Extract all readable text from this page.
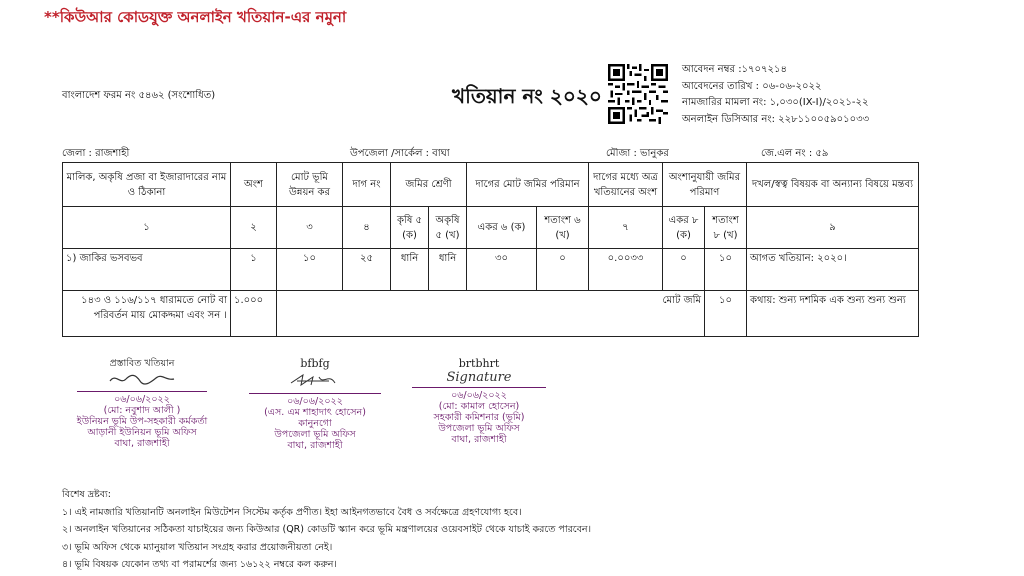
**কিউআর কোডযুক্ত অনলাইন খতিয়ান-এর নমুনা
বাংলাদেশ ফরম নং ৫৪৬২ (সংশোধিত)	খতিয়ান নং ২০২০
আবেদন নম্বর :১৭০৭২১৪
আবেদনের তারিখ : ০৬-০৬-২০২২
নামজারির মামলা নং: ১,০৩০(IX-I)/২০২১-২২
অনলাইন ডিসিআর নং: ২২৮১১০০৫৯০১০৩৩
জেলা : রাজশাহী	উপজেলা /সার্কেল : বাঘা	মৌজা : ভানুকর	জে.এল নং : ৫৯
মালিক, অকৃষি প্রজা বা ইজারাদারের নাম ও ঠিকানা	অংশ	মোট ভূমি উন্নয়ন কর	দাগ নং	জমির শ্রেণী		দাগের মোট জমির পরিমান		দাগের মধ্যে অত্র খতিয়ানের অংশ	অংশানুযায়ী জমির পরিমাণ		দখল/স্বত্ব বিষয়ক বা অন্যান্য বিষয়ে মন্তব্য
১	২	৩	৪	কৃষি ৫ (ক)	অকৃষি ৫ (খ)	একর ৬ (ক)	শতাংশ ৬ (খ)	৭	একর ৮ (ক)	শতাংশ ৮ (খ)	৯
১) জাকির ভসবভব	১	১০	২৫	ধানি	ধানি	৩০	০	০.০০৩৩	০	১০	আগত খতিয়ান: ২০২০।
১৪৩ ও ১১৬/১১৭ ধারামতে নোট বা পরিবর্তন মায় মোকদ্দমা এবং সন ।	১.০০০	মোট জমি								১০	কথায়: শুন্য দশমিক এক শুন্য শুন্য শুন্য
প্রস্তাবিত খতিয়ান
০৬/০৬/২০২২
(মো: নবুশাদ আলী )
ইউনিয়ন ভূমি উপ-সহকারী কর্মকর্তা
আড়ানী ইউনিয়ন ভূমি অফিস
বাঘা, রাজশাহী
bfbfg
০৬/০৬/২০২২
(এস. এম শাহাদাৎ হোসেন)
কানুনগো
উপজেলা ভূমি অফিস
বাঘা, রাজশাহী
brtbhrt
Signature
০৬/০৬/২০২২
(মো: কামাল হোসেন)
সহকারী কমিশনার (ভূমি)
উপজেলা ভূমি অফিস
বাঘা, রাজশাহী
বিশেষ দ্রষ্টব্য:
১। এই নামজারি খতিয়ানটি অনলাইন মিউটেশন সিস্টেম কর্তৃক প্রণীত। ইহা আইনগতভাবে বৈধ ও সর্বক্ষেত্রে গ্রহণযোগ্য হবে।
২। অনলাইন খতিয়ানের সঠিকতা যাচাইয়ের জন্য কিউআর (QR) কোডটি স্ক্যান করে ভূমি মন্ত্রণালয়ের ওয়েবসাইট থেকে যাচাই করতে পারবেন।
৩। ভূমি অফিস থেকে ম্যানুয়াল খতিয়ান সংগ্রহ করার প্রয়োজনীয়তা নেই।
৪। ভূমি বিষয়ক যেকোন তথ্য বা পরামর্শের জন্য ১৬১২২ নম্বরে কল করুন।
